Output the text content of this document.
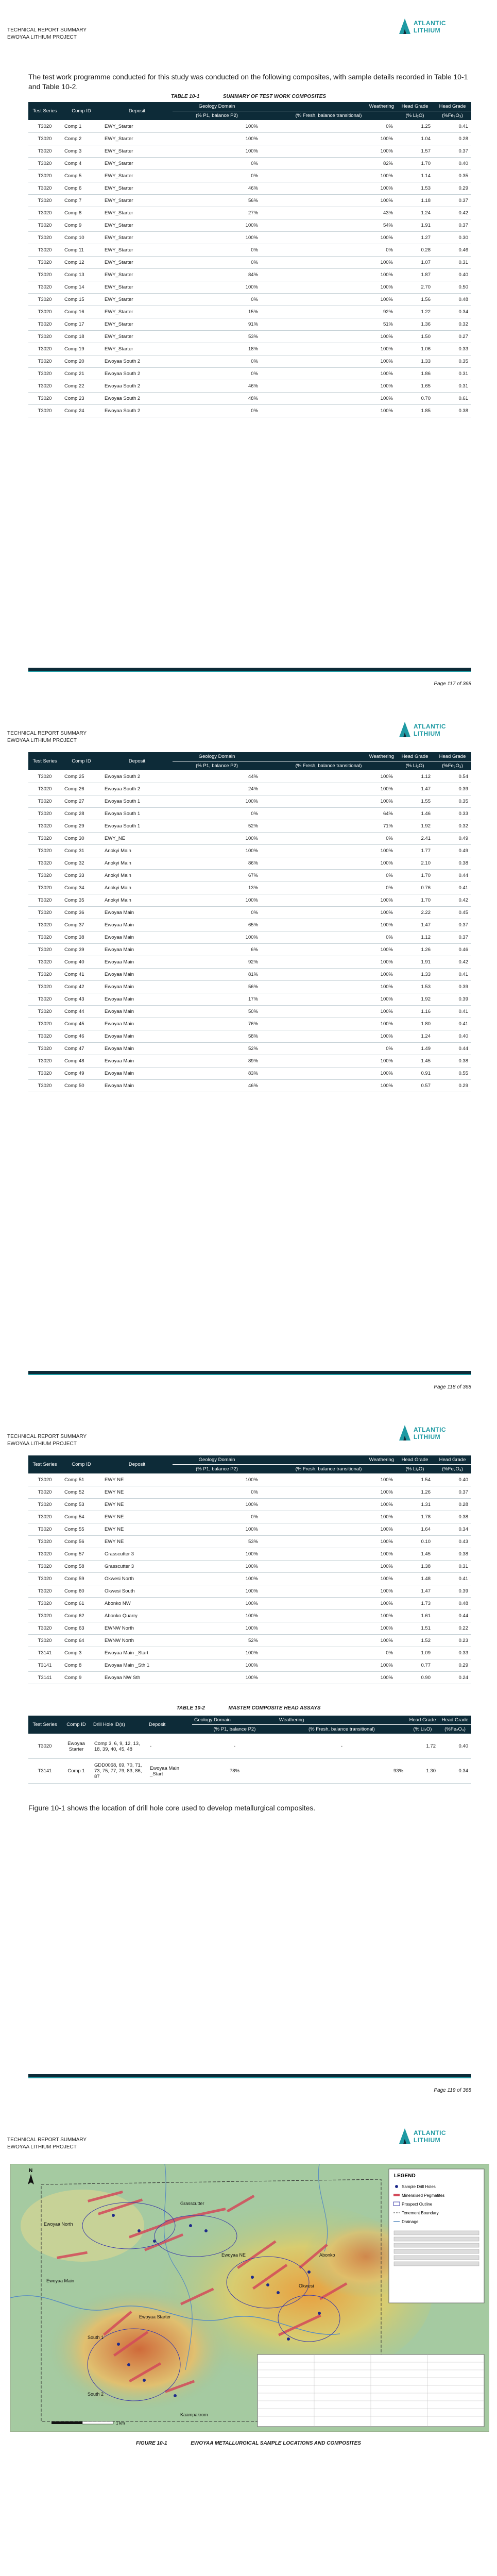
TECHNICAL REPORT SUMMARY
EWOYAA LITHIUM PROJECT
ATLANTIC
LITHIUM
The test work programme conducted for this study was conducted on the following composites, with sample details recorded in Table 10-1 and Table 10-2.
TABLE 10-1	SUMMARY OF TEST WORK COMPOSITES
Test Series	Comp ID	Deposit	Geology Domain	Weathering	Head Grade	Head Grade
			(% P1, balance P2)	(% Fresh, balance transitional)	(% Li₂O)	(%Fe₂O₃)
T3020	Comp 1	EWY_Starter	100%	0%	1.25	0.41
T3020	Comp 2	EWY_Starter	100%	100%	1.04	0.28
T3020	Comp 3	EWY_Starter	100%	100%	1.57	0.37
T3020	Comp 4	EWY_Starter	0%	82%	1.70	0.40
T3020	Comp 5	EWY_Starter	0%	100%	1.14	0.35
T3020	Comp 6	EWY_Starter	46%	100%	1.53	0.29
T3020	Comp 7	EWY_Starter	56%	100%	1.18	0.37
T3020	Comp 8	EWY_Starter	27%	43%	1.24	0.42
T3020	Comp 9	EWY_Starter	100%	54%	1.91	0.37
T3020	Comp 10	EWY_Starter	100%	100%	1.27	0.30
T3020	Comp 11	EWY_Starter	0%	0%	0.28	0.46
T3020	Comp 12	EWY_Starter	0%	100%	1.07	0.31
T3020	Comp 13	EWY_Starter	84%	100%	1.87	0.40
T3020	Comp 14	EWY_Starter	100%	100%	2.70	0.50
T3020	Comp 15	EWY_Starter	0%	100%	1.56	0.48
T3020	Comp 16	EWY_Starter	15%	92%	1.22	0.34
T3020	Comp 17	EWY_Starter	91%	51%	1.36	0.32
T3020	Comp 18	EWY_Starter	53%	100%	1.50	0.27
T3020	Comp 19	EWY_Starter	18%	100%	1.06	0.33
T3020	Comp 20	Ewoyaa South 2	0%	100%	1.33	0.35
T3020	Comp 21	Ewoyaa South 2	0%	100%	1.86	0.31
T3020	Comp 22	Ewoyaa South 2	46%	100%	1.65	0.31
T3020	Comp 23	Ewoyaa South 2	48%	100%	0.70	0.61
T3020	Comp 24	Ewoyaa South 2	0%	100%	1.85	0.38
Page 117 of 368
TECHNICAL REPORT SUMMARY
EWOYAA LITHIUM PROJECT
ATLANTIC
LITHIUM
Test Series	Comp ID	Deposit	Geology Domain	Weathering	Head Grade	Head Grade
			(% P1, balance P2)	(% Fresh, balance transitional)	(% Li₂O)	(%Fe₂O₃)
T3020	Comp 25	Ewoyaa South 2	44%	100%	1.12	0.54
T3020	Comp 26	Ewoyaa South 2	24%	100%	1.47	0.39
T3020	Comp 27	Ewoyaa South 1	100%	100%	1.55	0.35
T3020	Comp 28	Ewoyaa South 1	0%	64%	1.46	0.33
T3020	Comp 29	Ewoyaa South 1	52%	71%	1.92	0.32
T3020	Comp 30	EWY_NE	100%	0%	2.41	0.49
T3020	Comp 31	Anokyi Main	100%	100%	1.77	0.49
T3020	Comp 32	Anokyi Main	86%	100%	2.10	0.38
T3020	Comp 33	Anokyi Main	67%	0%	1.70	0.44
T3020	Comp 34	Anokyi Main	13%	0%	0.76	0.41
T3020	Comp 35	Anokyi Main	100%	100%	1.70	0.42
T3020	Comp 36	Ewoyaa Main	0%	100%	2.22	0.45
T3020	Comp 37	Ewoyaa Main	65%	100%	1.47	0.37
T3020	Comp 38	Ewoyaa Main	100%	0%	1.12	0.37
T3020	Comp 39	Ewoyaa Main	6%	100%	1.26	0.46
T3020	Comp 40	Ewoyaa Main	92%	100%	1.91	0.42
T3020	Comp 41	Ewoyaa Main	81%	100%	1.33	0.41
T3020	Comp 42	Ewoyaa Main	56%	100%	1.53	0.39
T3020	Comp 43	Ewoyaa Main	17%	100%	1.92	0.39
T3020	Comp 44	Ewoyaa Main	50%	100%	1.16	0.41
T3020	Comp 45	Ewoyaa Main	76%	100%	1.80	0.41
T3020	Comp 46	Ewoyaa Main	58%	100%	1.24	0.40
T3020	Comp 47	Ewoyaa Main	52%	0%	1.49	0.44
T3020	Comp 48	Ewoyaa Main	89%	100%	1.45	0.38
T3020	Comp 49	Ewoyaa Main	83%	100%	0.91	0.55
T3020	Comp 50	Ewoyaa Main	46%	100%	0.57	0.29
Page 118 of 368
TECHNICAL REPORT SUMMARY
EWOYAA LITHIUM PROJECT
ATLANTIC
LITHIUM
Test Series	Comp ID	Deposit	Geology Domain	Weathering	Head Grade	Head Grade
			(% P1, balance P2)	(% Fresh, balance transitional)	(% Li₂O)	(%Fe₂O₃)
T3020	Comp 51	EWY NE	100%	100%	1.54	0.40
T3020	Comp 52	EWY NE	0%	100%	1.26	0.37
T3020	Comp 53	EWY NE	100%	100%	1.31	0.28
T3020	Comp 54	EWY NE	0%	100%	1.78	0.38
T3020	Comp 55	EWY NE	100%	100%	1.64	0.34
T3020	Comp 56	EWY NE	53%	100%	0.10	0.43
T3020	Comp 57	Grasscutter 3	100%	100%	1.45	0.38
T3020	Comp 58	Grasscutter 3	100%	100%	1.38	0.31
T3020	Comp 59	Okwesi North	100%	100%	1.48	0.41
T3020	Comp 60	Okwesi South	100%	100%	1.47	0.39
T3020	Comp 61	Abonko NW	100%	100%	1.73	0.48
T3020	Comp 62	Abonko Quarry	100%	100%	1.61	0.44
T3020	Comp 63	EWNW North	100%	100%	1.51	0.22
T3020	Comp 64	EWNW North	52%	100%	1.52	0.23
T3141	Comp 3	Ewoyaa Main _Start	100%	0%	1.09	0.33
T3141	Comp 8	Ewoyaa Main _Sth 1	100%	100%	0.77	0.29
T3141	Comp 9	Ewoyaa NW Sth	100%	100%	0.90	0.24
TABLE 10-2	MASTER COMPOSITE HEAD ASSAYS
Test Series	Comp ID	Drill Hole ID(s)	Deposit	Geology Domain	Weathering	Head Grade	Head Grade
				(% P1, balance P2)	(% Fresh, balance transitional)	(% Li₂O)	(%Fe₂O₃)
T3020	Ewoyaa Starter	Comp 3, 6, 9, 12, 13, 18, 39, 40, 45, 48	-	-	-	1.72	0.40
T3141	Comp 1	GDD0068, 69, 70, 71, 73, 75, 77, 79, 83, 86, 87	Ewoyaa Main _Start	78%	93%	1.30	0.34
Figure 10-1 shows the location of drill hole core used to develop metallurgical composites.
Page 119 of 368
TECHNICAL REPORT SUMMARY
EWOYAA LITHIUM PROJECT
ATLANTIC
LITHIUM
Ewoyaa North
Grasscutter
Ewoyaa Main
Ewoyaa NE	Abonko
Okwesi
South 1
South 2
Kaampakrom
Ewoyaa Starter
N
LEGEND
Sample Drill Holes
Mineralised Pegmatites
Prospect Outline
Tenement Boundary
Drainage
1 km
FIGURE 10-1	EWOYAA METALLURGICAL SAMPLE LOCATIONS AND COMPOSITES
